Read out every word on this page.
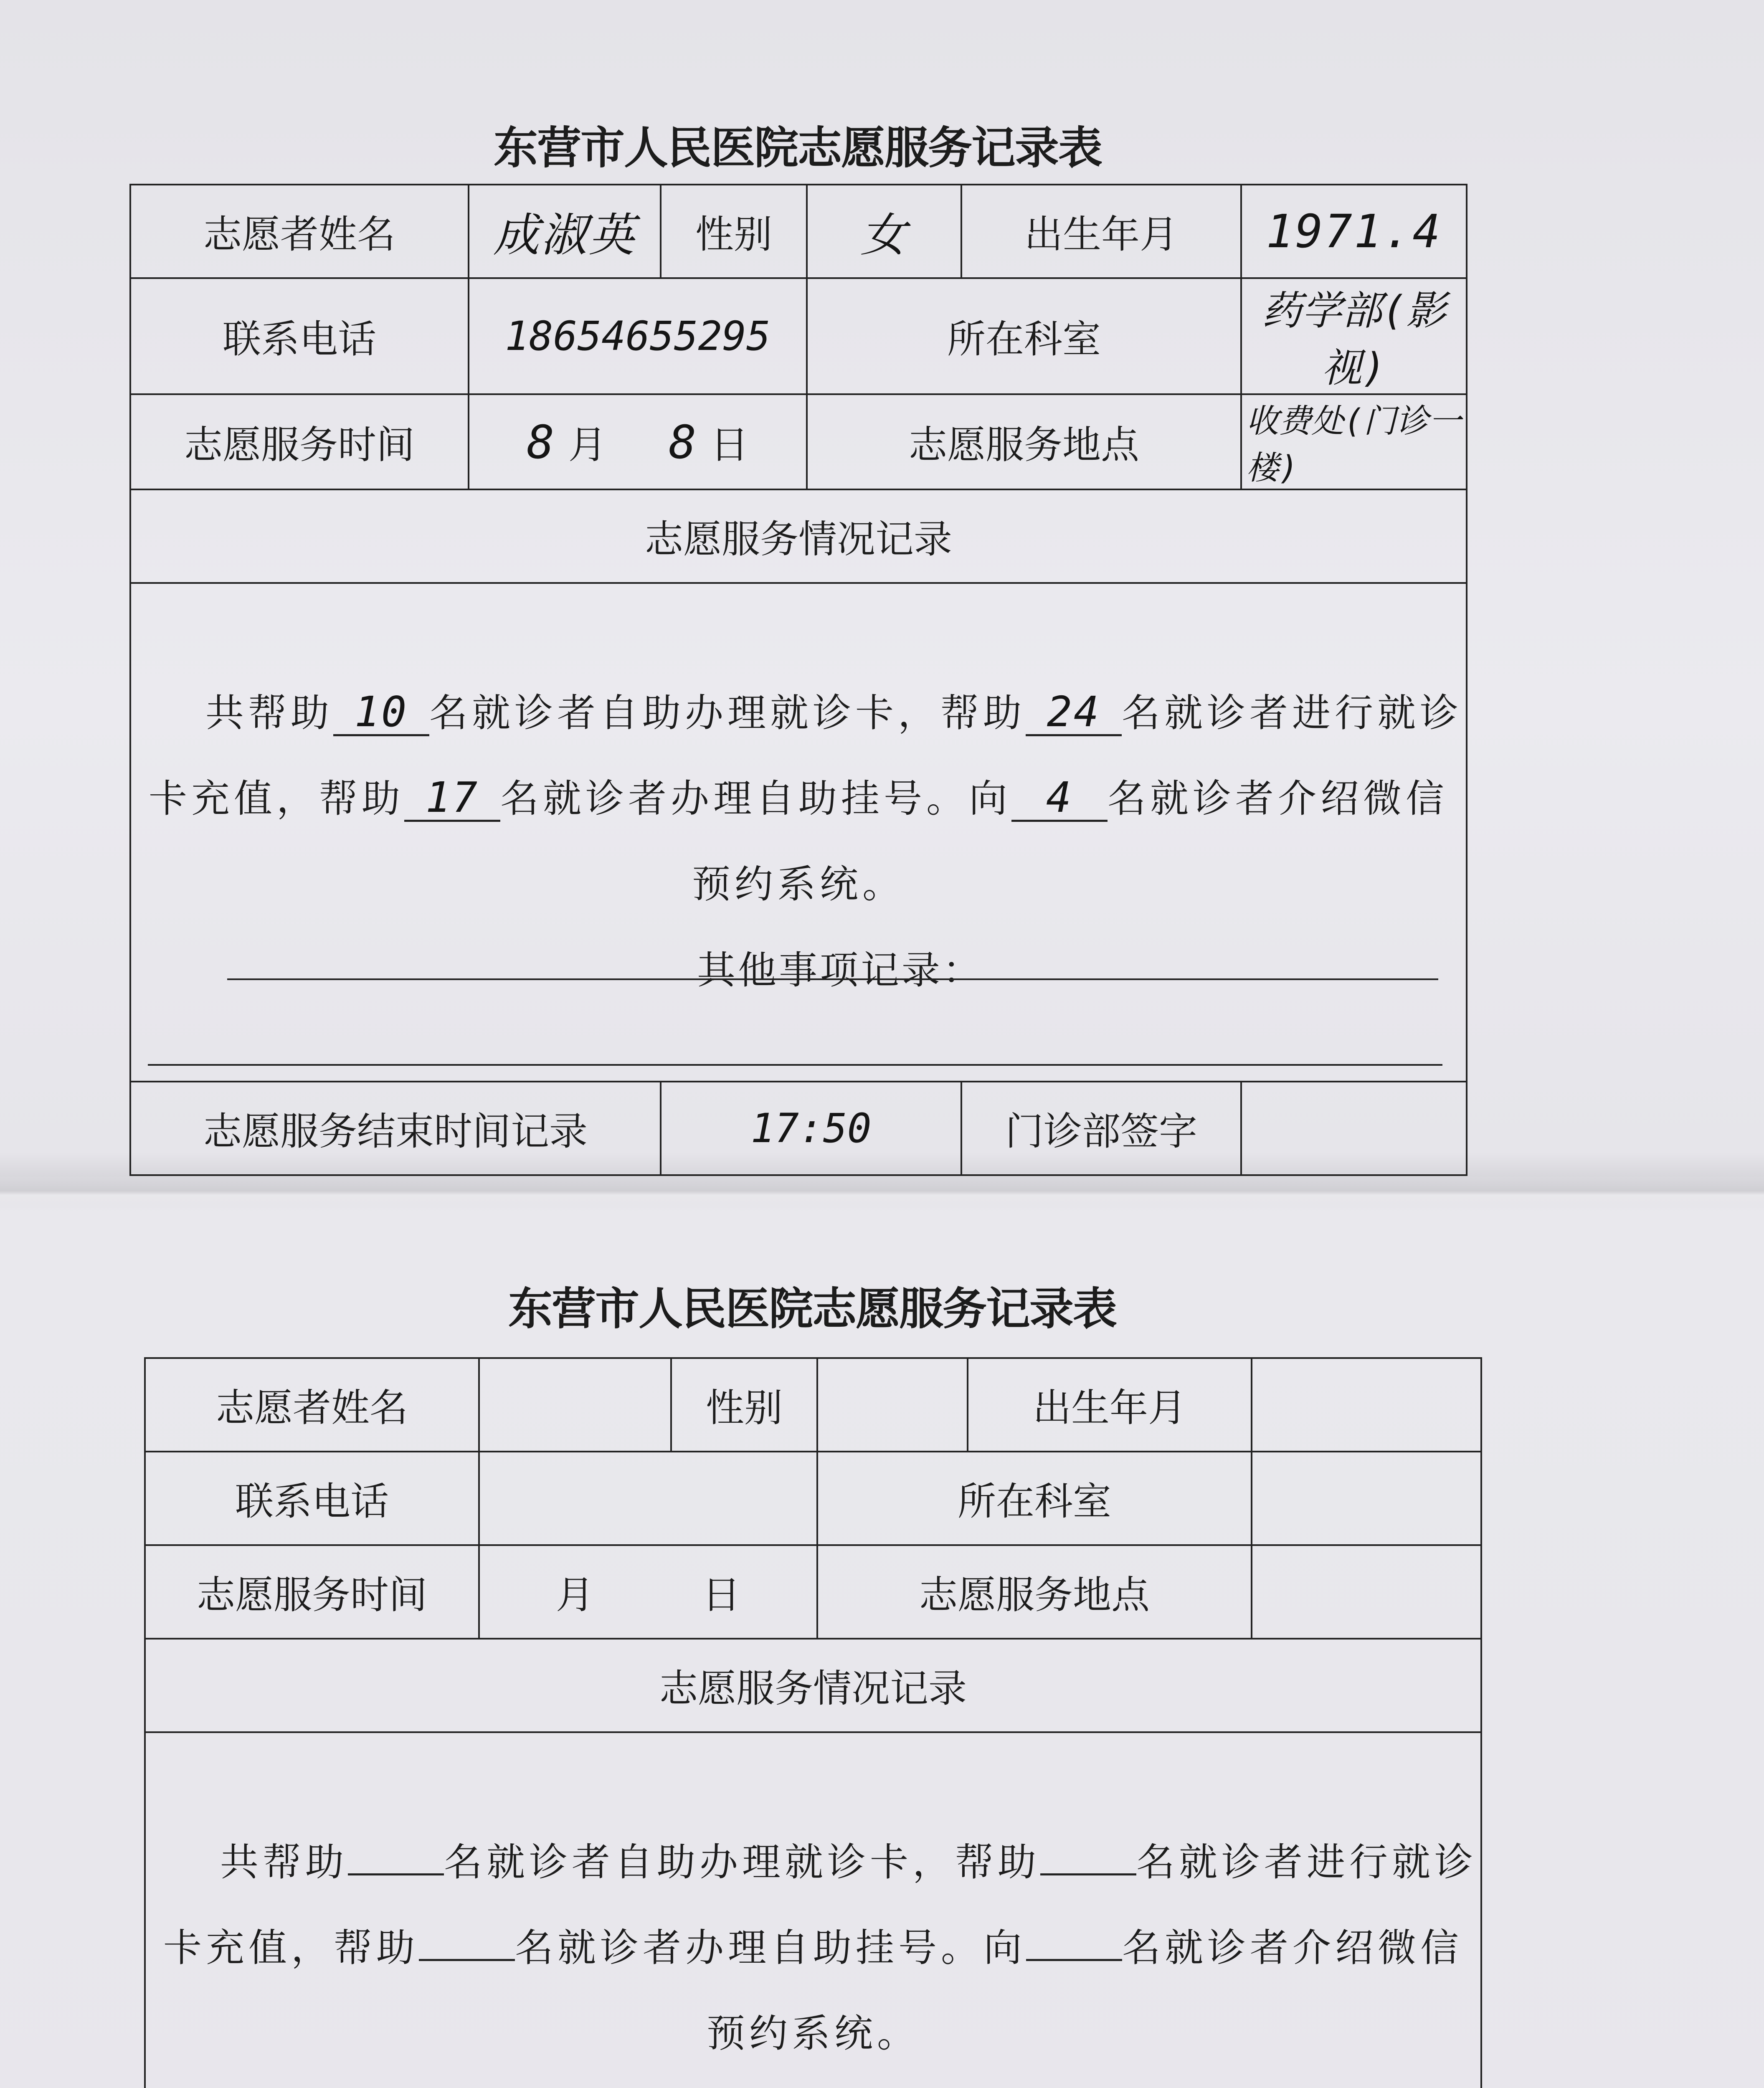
东营市人民医院志愿服务记录表
志愿者姓名	成淑英	性别	女	出生年月	1971.4
联系电话	18654655295		所在科室		药学部(影视)
志愿服务时间	8 月 8 日		志愿服务地点		收费处(门诊一楼)
志愿服务情况记录					

共帮助 10 名就诊者自助办理就诊卡，帮助 24 名就诊者进行就诊卡充值，帮助 17 名就诊者办理自助挂号。向 4 名就诊者介绍微信预约系统。
其他事项记录：					

志愿服务结束时间记录		17:50		门诊部签字	
东营市人民医院志愿服务记录表
志愿者姓名		性别		出生年月	
联系电话			所在科室		
志愿服务时间	月 日		志愿服务地点		
志愿服务情况记录					

共帮助 名就诊者自助办理就诊卡，帮助 名就诊者进行就诊卡充值，帮助 名就诊者办理自助挂号。向 名就诊者介绍微信预约系统。					
